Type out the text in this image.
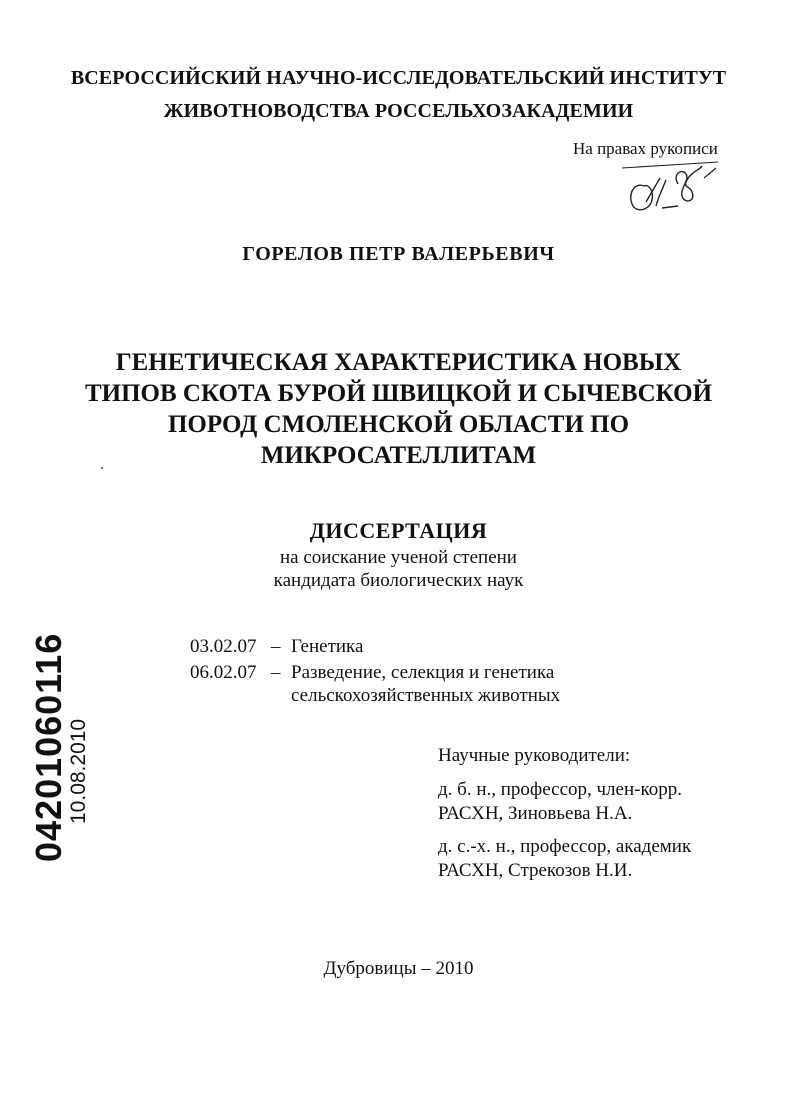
ВСЕРОССИЙСКИЙ НАУЧНО-ИССЛЕДОВАТЕЛЬСКИЙ ИНСТИТУТ
ЖИВОТНОВОДСТВА РОССЕЛЬХОЗАКАДЕМИИ
На правах рукописи
ГОРЕЛОВ ПЕТР ВАЛЕРЬЕВИЧ
ГЕНЕТИЧЕСКАЯ ХАРАКТЕРИСТИКА НОВЫХ
ТИПОВ СКОТА БУРОЙ ШВИЦКОЙ И СЫЧЕВСКОЙ
ПОРОД СМОЛЕНСКОЙ ОБЛАСТИ ПО
МИКРОСАТЕЛЛИТАМ
ДИССЕРТАЦИЯ
на соискание ученой степени
кандидата биологических наук
03.02.07 – Генетика
06.02.07 – Разведение, селекция и генетика
сельскохозяйственных животных
Научные руководители:
д. б. н., профессор, член-корр.
РАСХН, Зиновьева Н.А.
д. с.-х. н., профессор, академик
РАСХН, Стрекозов Н.И.
Дубровицы – 2010
04201060116
10.08.2010
